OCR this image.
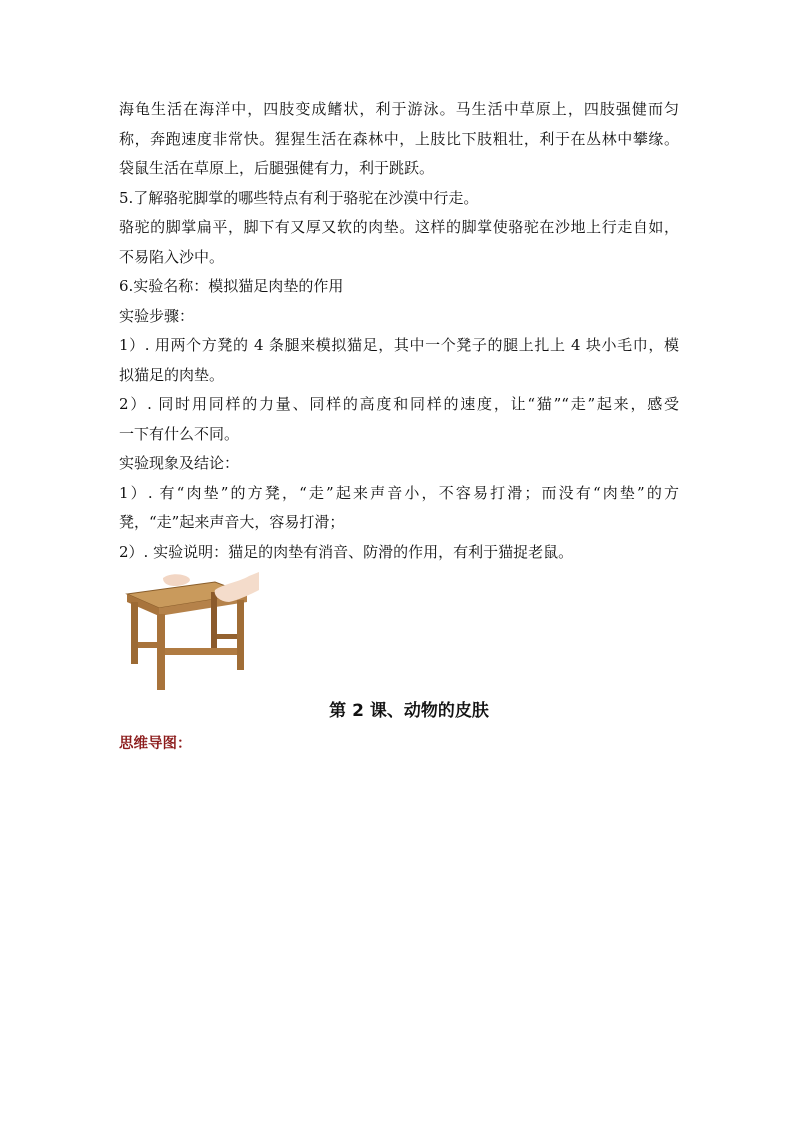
海龟生活在海洋中，四肢变成鳍状，利于游泳。马生活中草原上，四肢强健而匀

称，奔跑速度非常快。猩猩生活在森林中，上肢比下肢粗壮，利于在丛林中攀缘。

袋鼠生活在草原上，后腿强健有力，利于跳跃。

5.了解骆驼脚掌的哪些特点有利于骆驼在沙漠中行走。

骆驼的脚掌扁平，脚下有又厚又软的肉垫。这样的脚掌使骆驼在沙地上行走自如，

不易陷入沙中。

6.实验名称：模拟猫足肉垫的作用

实验步骤：

1）. 用两个方凳的 4 条腿来模拟猫足，其中一个凳子的腿上扎上 4 块小毛巾，模

拟猫足的肉垫。

2）. 同时用同样的力量、同样的高度和同样的速度，让“猫”“走”起来，感受

一下有什么不同。

实验现象及结论：

1）. 有“肉垫”的方凳，“走”起来声音小，不容易打滑；而没有“肉垫”的方

凳，“走”起来声音大，容易打滑；

2）. 实验说明：猫足的肉垫有消音、防滑的作用，有利于猫捉老鼠。

第 2 课、动物的皮肤
思维导图：
